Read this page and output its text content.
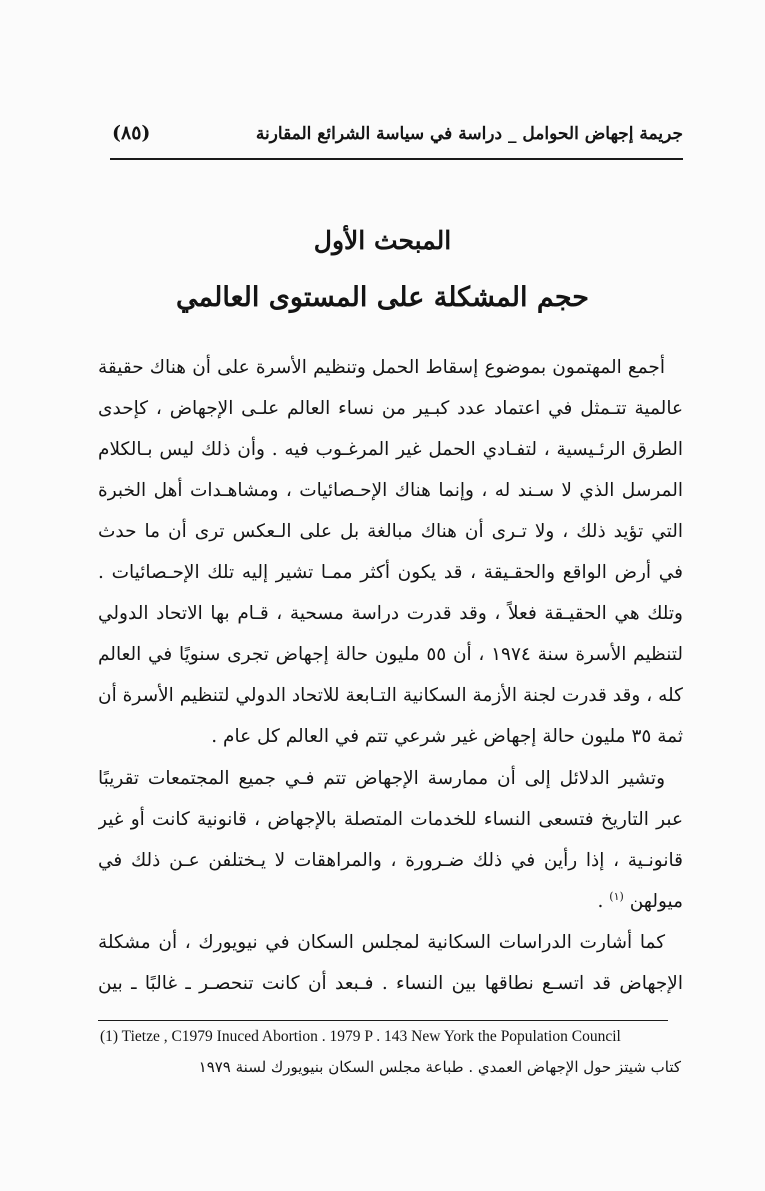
جريمة إجهاض الحوامل _ دراسة في سياسة الشرائع المقارنة
(٨٥)
المبحث الأول
حجم المشكلة على المستوى العالمي
أجمع المهتمون بموضوع إسقاط الحمل وتنظيم الأسرة على أن هناك حقيقة
عالمية تتـمثل في اعتماد عدد كبـير من نساء العالم علـى الإجهاض ، كإحدى
الطرق الرئـيسية ، لتفـادي الحمل غير المرغـوب فيه . وأن ذلك ليس بـالكلام
المرسل الذي لا سـند له ، وإنما هناك الإحـصائيات ، ومشاهـدات أهل الخبرة
التي تؤيد ذلك ، ولا تـرى أن هناك مبالغة بل على الـعكس ترى أن ما حدث
في أرض الواقع والحقـيقة ، قد يكون أكثر ممـا تشير إليه تلك الإحـصائيات .
وتلك هي الحقيـقة فعلاً ، وقد قدرت دراسة مسحية ، قـام بها الاتحاد الدولي
لتنظيم الأسرة سنة ١٩٧٤ ، أن ٥٥ مليون حالة إجهاض تجرى سنويًا في العالم
كله ، وقد قدرت لجنة الأزمة السكانية التـابعة للاتحاد الدولي لتنظيم الأسرة أن
ثمة ٣٥ مليون حالة إجهاض غير شرعي تتم في العالم كل عام .
وتشير الدلائل إلى أن ممارسة الإجهاض تتم فـي جميع المجتمعات تقريبًا
عبر التاريخ فتسعى النساء للخدمات المتصلة بالإجهاض ، قانونية كانت أو غير
قانونـية ، إذا رأين في ذلك ضـرورة ، والمراهقات لا يـختلفن عـن ذلك في
ميولهن $^{(١)}$ .
كما أشارت الدراسات السكانية لمجلس السكان في نيويورك ، أن مشكلة
الإجهاض قد اتسـع نطاقها بين النساء . فـبعد أن كانت تنحصـر ـ غالبًا ـ بين
(1) Tietze , C1979 Inuced Abortion . 1979 P . 143 New York the Population Council
كتاب شيتز حول الإجهاض العمدي . طباعة مجلس السكان بنيويورك لسنة ١٩٧٩
